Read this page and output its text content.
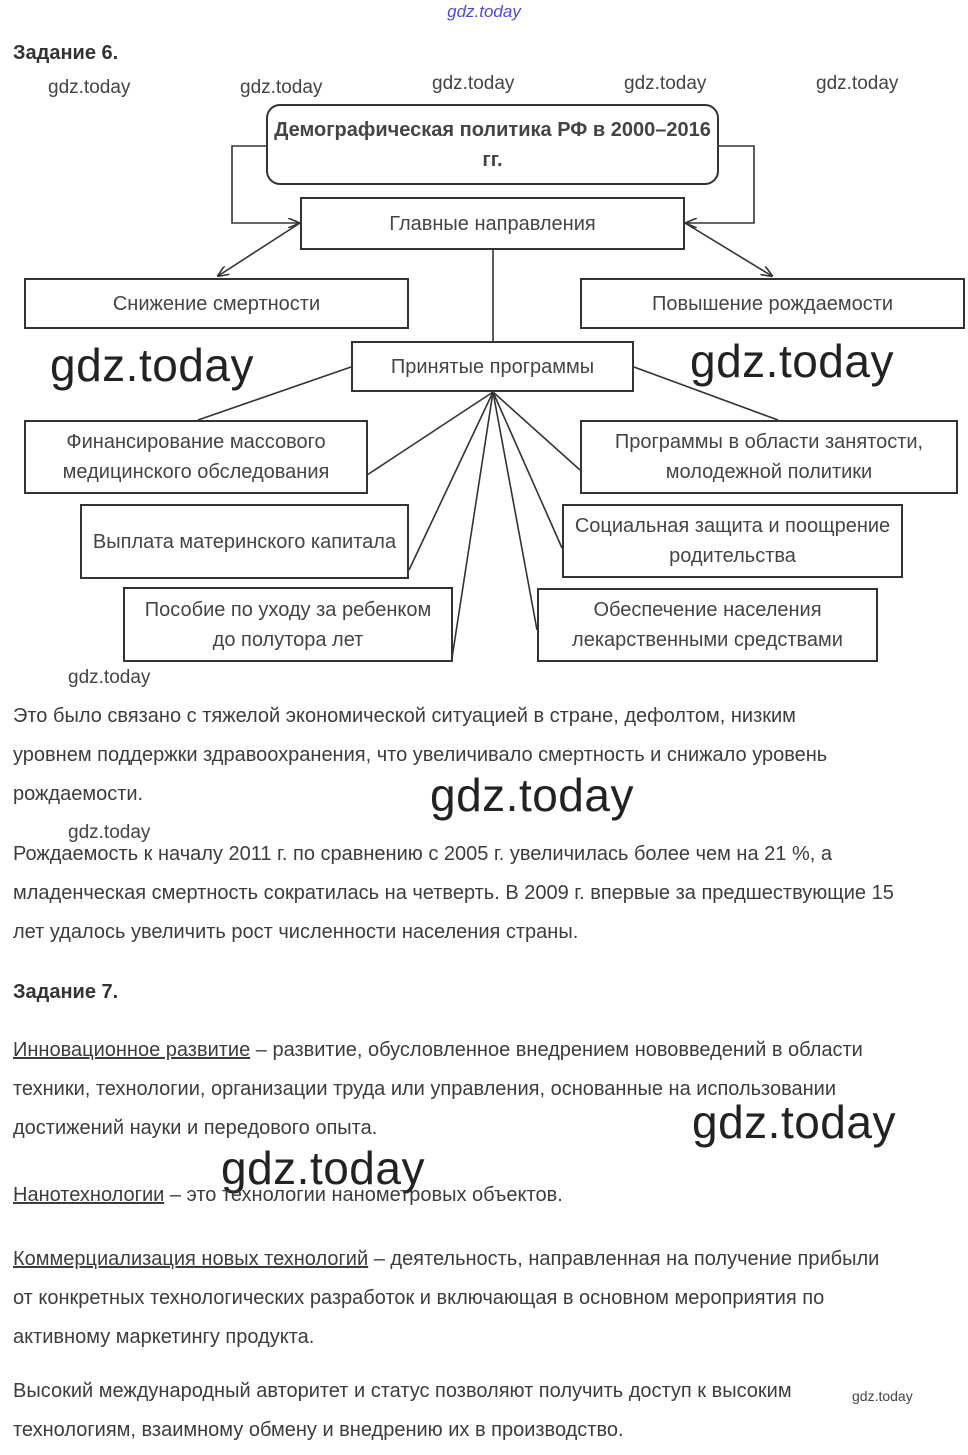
gdz.today
Задание 6.
gdz.today	gdz.today	gdz.today	gdz.today	gdz.today
Демографическая политика РФ в 2000–2016 гг.
Главные направления
Снижение смертности	Повышение рождаемости
Принятые программы
Финансирование массового медицинского обследования
Выплата материнского капитала
Пособие по уходу за ребенком до полутора лет
Программы в области занятости, молодежной политики
Социальная защита и поощрение родительства
Обеспечение населения лекарственными средствами
gdz.today	gdz.today
gdz.today

Это было связано с тяжелой экономической ситуацией в стране, дефолтом, низким уровнем поддержки здравоохранения, что увеличивало смертность и снижало уровень рождаемости.	gdz.today
gdz.today

Рождаемость к началу 2011 г. по сравнению с 2005 г. увеличилась более чем на 21 %, а младенческая смертность сократилась на четверть. В 2009 г. впервые за предшествующие 15 лет удалось увеличить рост численности населения страны.

Задание 7.

Инновационное развитие – развитие, обусловленное внедрением нововведений в области техники, технологии, организации труда или управления, основанные на использовании достижений науки и передового опыта.	gdz.today
gdz.today

Нанотехнологии – это технологии нанометровых объектов.

Коммерциализация новых технологий – деятельность, направленная на получение прибыли от конкретных технологических разработок и включающая в основном мероприятия по активному маркетингу продукта.

Высокий международный авторитет и статус позволяют получить доступ к высоким технологиям, взаимному обмену и внедрению их в производство.

gdz.today
